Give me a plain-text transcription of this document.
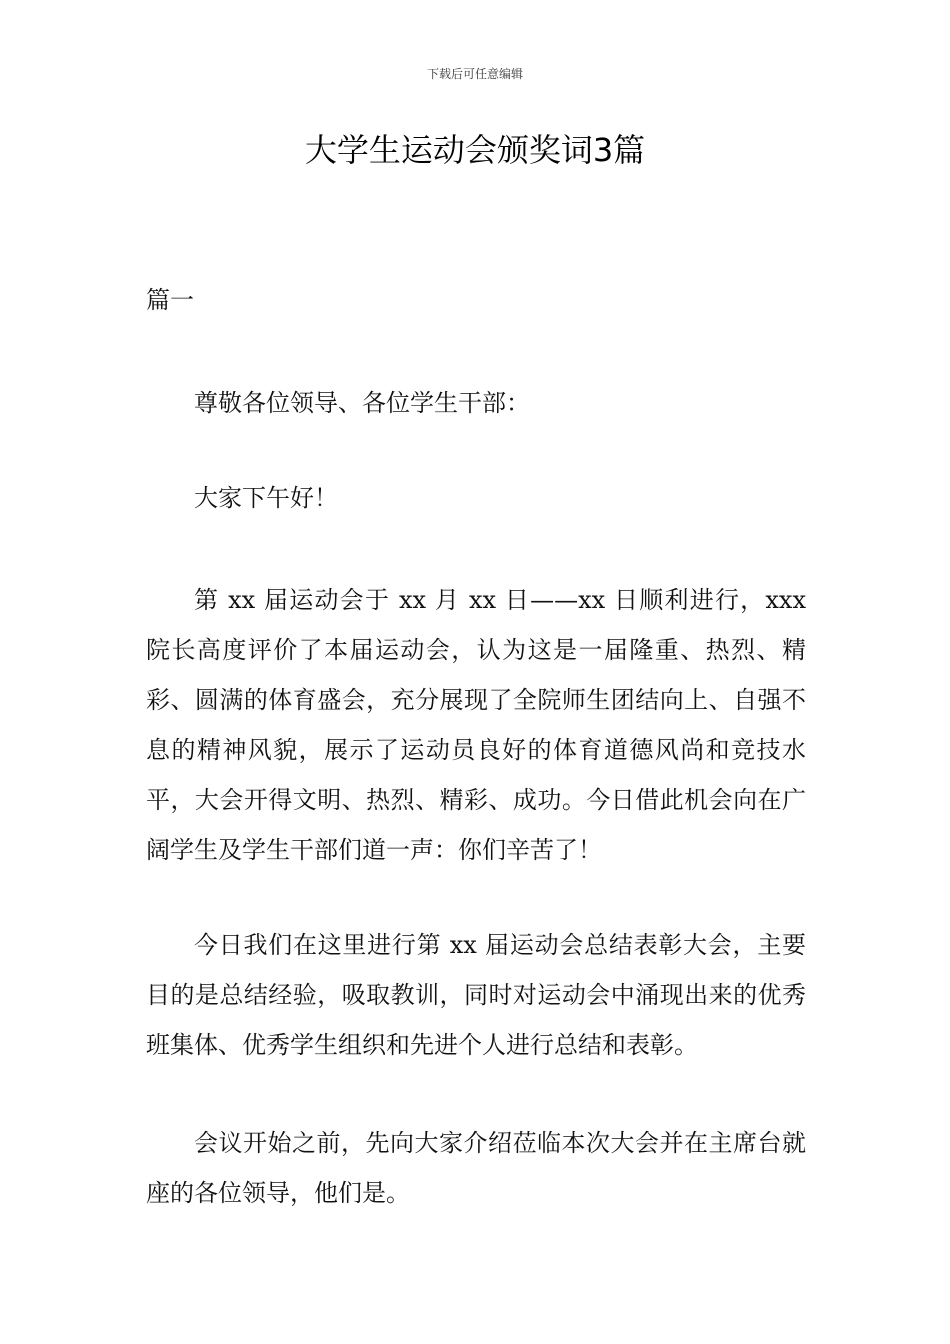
下载后可任意编辑
大学生运动会颁奖词3篇
篇一

尊敬各位领导、各位学生干部：

大家下午好！

第 xx 届运动会于 xx 月 xx 日——xx 日顺利进行，xxx 院长高度评价了本届运动会，认为这是一届隆重、热烈、精彩、圆满的体育盛会，充分展现了全院师生团结向上、自强不息的精神风貌，展示了运动员良好的体育道德风尚和竞技水平，大会开得文明、热烈、精彩、成功。今日借此机会向在广阔学生及学生干部们道一声：你们辛苦了！

今日我们在这里进行第 xx 届运动会总结表彰大会，主要目的是总结经验，吸取教训，同时对运动会中涌现出来的优秀班集体、优秀学生组织和先进个人进行总结和表彰。

会议开始之前，先向大家介绍莅临本次大会并在主席台就座的各位领导，他们是。
